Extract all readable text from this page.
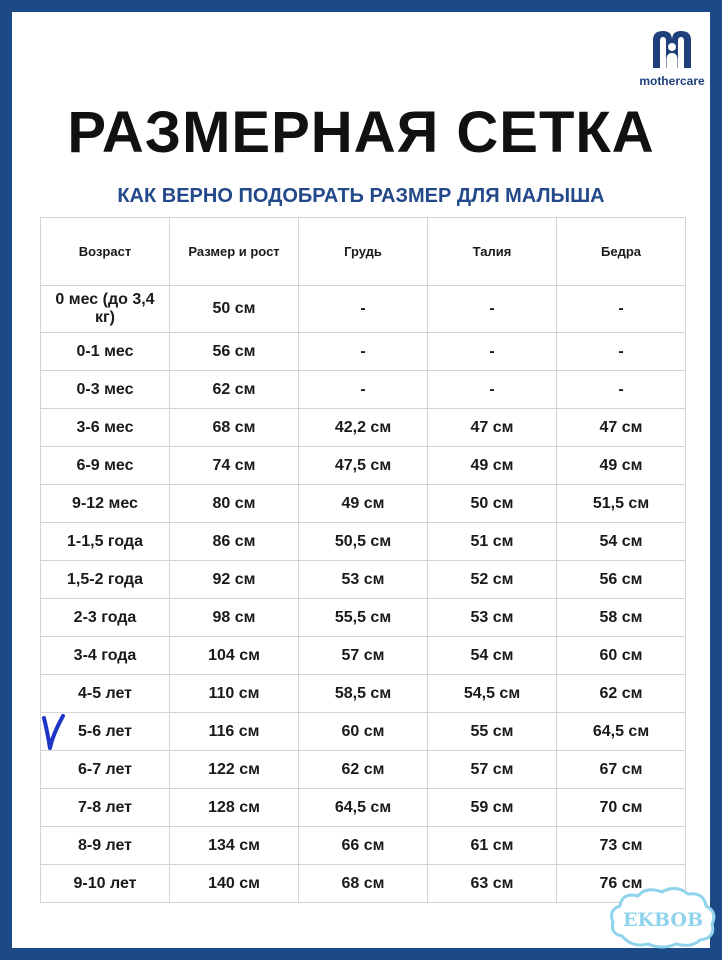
mothercare
РАЗМЕРНАЯ СЕТКА
КАК ВЕРНО ПОДОБРАТЬ РАЗМЕР ДЛЯ МАЛЫША
Возраст	Размер и рост	Грудь	Талия	Бедра
0 мес (до 3,4 кг)	50 см	-	-	-
0-1 мес	56 см	-	-	-
0-3 мес	62 см	-	-	-
3-6 мес	68 см	42,2 см	47 см	47 см
6-9 мес	74 см	47,5 см	49 см	49 см
9-12 мес	80 см	49 см	50 см	51,5 см
1-1,5 года	86 см	50,5 см	51 см	54 см
1,5-2 года	92 см	53 см	52 см	56 см
2-3 года	98 см	55,5 см	53 см	58 см
3-4 года	104 см	57 см	54 см	60 см
4-5 лет	110 см	58,5 см	54,5 см	62 см
5-6 лет	116 см	60 см	55 см	64,5 см
6-7 лет	122 см	62 см	57 см	67 см
7-8 лет	128 см	64,5 см	59 см	70 см
8-9 лет	134 см	66 см	61 см	73 см
9-10 лет	140 см	68 см	63 см	76 см
EKBOB
